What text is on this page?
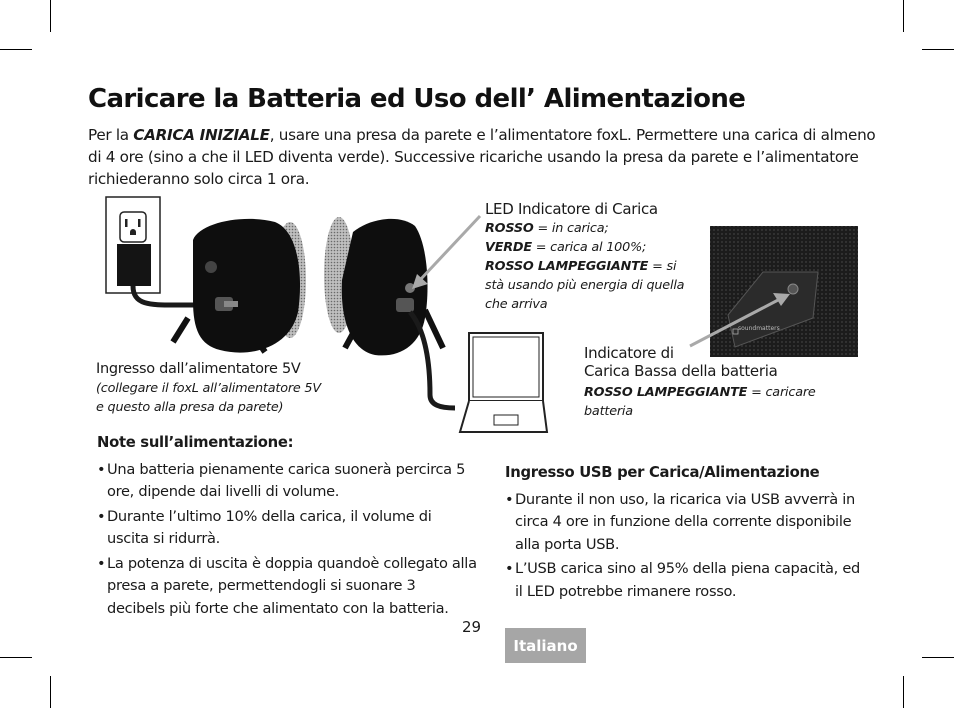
Caricare la Batteria ed Uso dell’ Alimentazione
Per la CARICA INIZIALE, usare una presa da parete e l’alimentatore foxL. Permettere una carica di almeno di 4 ore (sino a che il LED diventa verde). Successive ricariche usando la presa da parete e l’alimentatore richiederanno solo circa 1 ora.
soundmatters
LED Indicatore di Carica
ROSSO = in carica;
VERDE = carica al 100%;
ROSSO LAMPEGGIANTE = si stà usando più energia di quella che arriva
Ingresso dall’alimentatore 5V
(collegare il foxL all’alimentatore 5V e questo alla presa da parete)
Indicatore di
Carica Bassa della batteria
ROSSO LAMPEGGIANTE = caricare batteria
Note sull’alimentazione:
• Una batteria pienamente carica suonerà percirca 5 ore, dipende dai livelli di volume.
• Durante l’ultimo 10% della carica, il volume di uscita si ridurrà.
• La potenza di uscita è doppia quandoè collegato alla presa a parete, permettendogli si suonare 3 decibels più forte che alimentato con la batteria.
Ingresso USB per Carica/Alimentazione
• Durante il non uso, la ricarica via USB avverrà in circa 4 ore in funzione della corrente disponibile alla porta USB.
• L’USB carica sino al 95% della piena capacità, ed il LED potrebbe rimanere rosso.
29
Italiano
